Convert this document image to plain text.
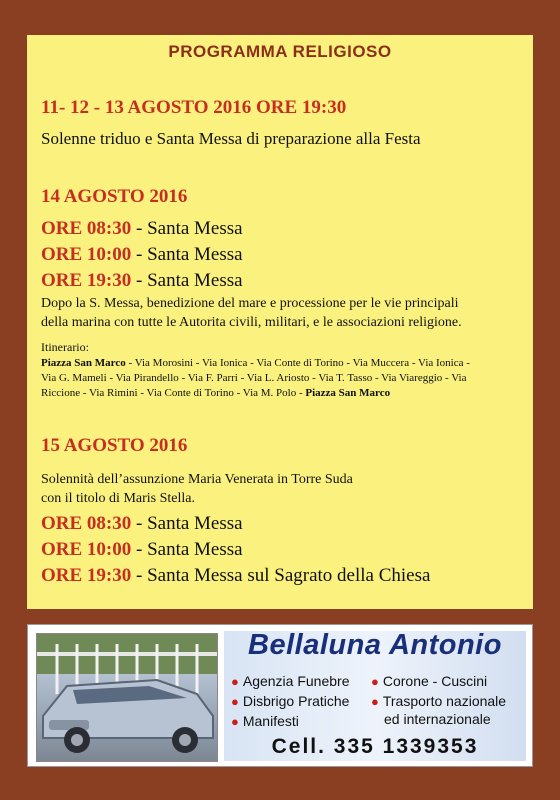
PROGRAMMA RELIGIOSO
11- 12 - 13 AGOSTO 2016 ORE 19:30
Solenne triduo e Santa Messa di preparazione alla Festa
14 AGOSTO 2016
ORE 08:30 - Santa Messa
ORE 10:00 - Santa Messa
ORE 19:30 - Santa Messa
Dopo la S. Messa, benedizione del mare e processione per le vie principali
della marina con tutte le Autorita civili, militari, e le associazioni religione.
Itinerario:
Piazza San Marco - Via Morosini - Via Ionica - Via Conte di Torino - Via Muccera - Via Ionica -
Via G. Mameli - Via Pirandello - Via F. Parri - Via L. Ariosto - Via T. Tasso - Via Viareggio - Via
Riccione - Via Rimini - Via Conte di Torino - Via M. Polo - Piazza San Marco
15 AGOSTO 2016
Solennità dell’assunzione Maria Venerata in Torre Suda
con il titolo di Maris Stella.
ORE 08:30 - Santa Messa
ORE 10:00 - Santa Messa
ORE 19:30 - Santa Messa sul Sagrato della Chiesa
Bellaluna Antonio
● Agenzia Funebre ● Corone - Cuscini
● Disbrigo Pratiche ● Trasporto nazionale
ed internazionale
● Manifesti
Cell. 335 1339353
